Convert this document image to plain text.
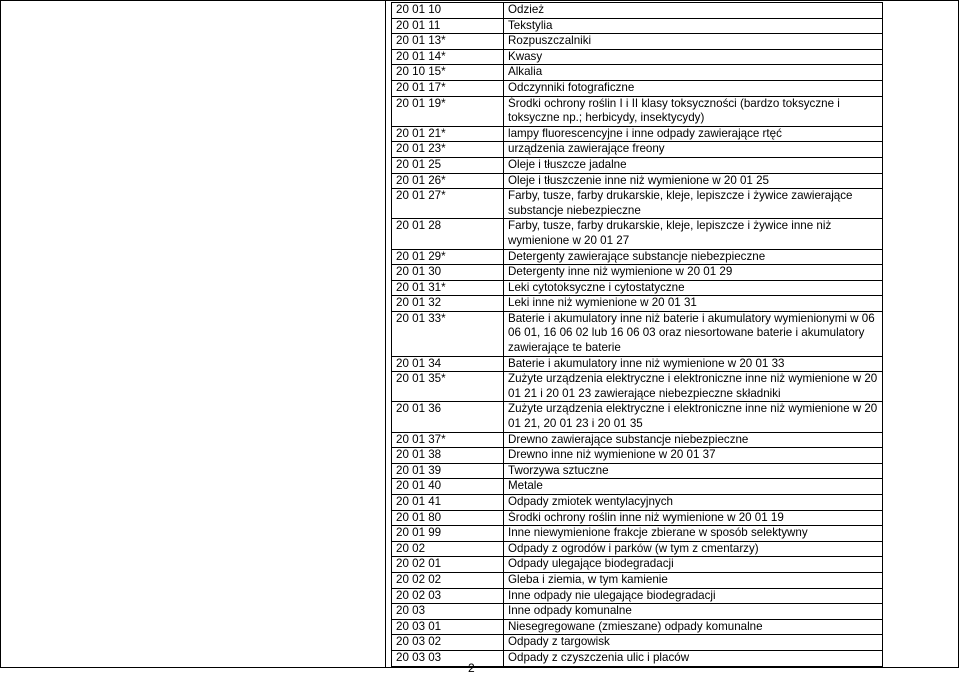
20 01 10	Odzież
20 01 11	Tekstylia
20 01 13*	Rozpuszczalniki
20 01 14*	Kwasy
20 10 15*	Alkalia
20 01 17*	Odczynniki fotograficzne
20 01 19*	Środki ochrony roślin I i II klasy toksyczności (bardzo toksyczne i toksyczne np.; herbicydy, insektycydy)
20 01 21*	lampy fluorescencyjne i inne odpady zawierające rtęć
20 01 23*	urządzenia zawierające freony
20 01 25	Oleje i tłuszcze jadalne
20 01 26*	Oleje i tłuszczenie inne niż wymienione w 20 01 25
20 01 27*	Farby, tusze, farby drukarskie, kleje, lepiszcze i żywice zawierające substancje niebezpieczne
20 01 28	Farby, tusze, farby drukarskie, kleje, lepiszcze i żywice inne niż wymienione w 20 01 27
20 01 29*	Detergenty zawierające substancje niebezpieczne
20 01 30	Detergenty inne niż wymienione w 20 01 29
20 01 31*	Leki cytotoksyczne i cytostatyczne
20 01 32	Leki inne niż wymienione w 20 01 31
20 01 33*	Baterie i akumulatory inne niż baterie i akumulatory wymienionymi w 06 06 01, 16 06 02 lub 16 06 03 oraz niesortowane baterie i akumulatory zawierające te baterie
20 01 34	Baterie i akumulatory inne niż wymienione w 20 01 33
20 01 35*	Zużyte urządzenia elektryczne i elektroniczne inne niż wymienione w 20 01 21 i 20 01 23 zawierające niebezpieczne składniki
20 01 36	Zużyte urządzenia elektryczne i elektroniczne inne niż wymienione w 20 01 21, 20 01 23 i 20 01 35
20 01 37*	Drewno zawierające substancje niebezpieczne
20 01 38	Drewno inne niż wymienione w 20 01 37
20 01 39	Tworzywa sztuczne
20 01 40	Metale
20 01 41	Odpady zmiotek wentylacyjnych
20 01 80	Środki ochrony roślin inne niż wymienione w 20 01 19
20 01 99	Inne niewymienione frakcje zbierane w sposób selektywny
20 02	Odpady z ogrodów i parków (w tym z cmentarzy)
20 02 01	Odpady ulegające biodegradacji
20 02 02	Gleba i ziemia, w tym kamienie
20 02 03	Inne odpady nie ulegające biodegradacji
20 03	Inne odpady komunalne
20 03 01	Niesegregowane (zmieszane) odpady komunalne
20 03 02	Odpady z targowisk
20 03 03	Odpady z czyszczenia ulic i placów
2
